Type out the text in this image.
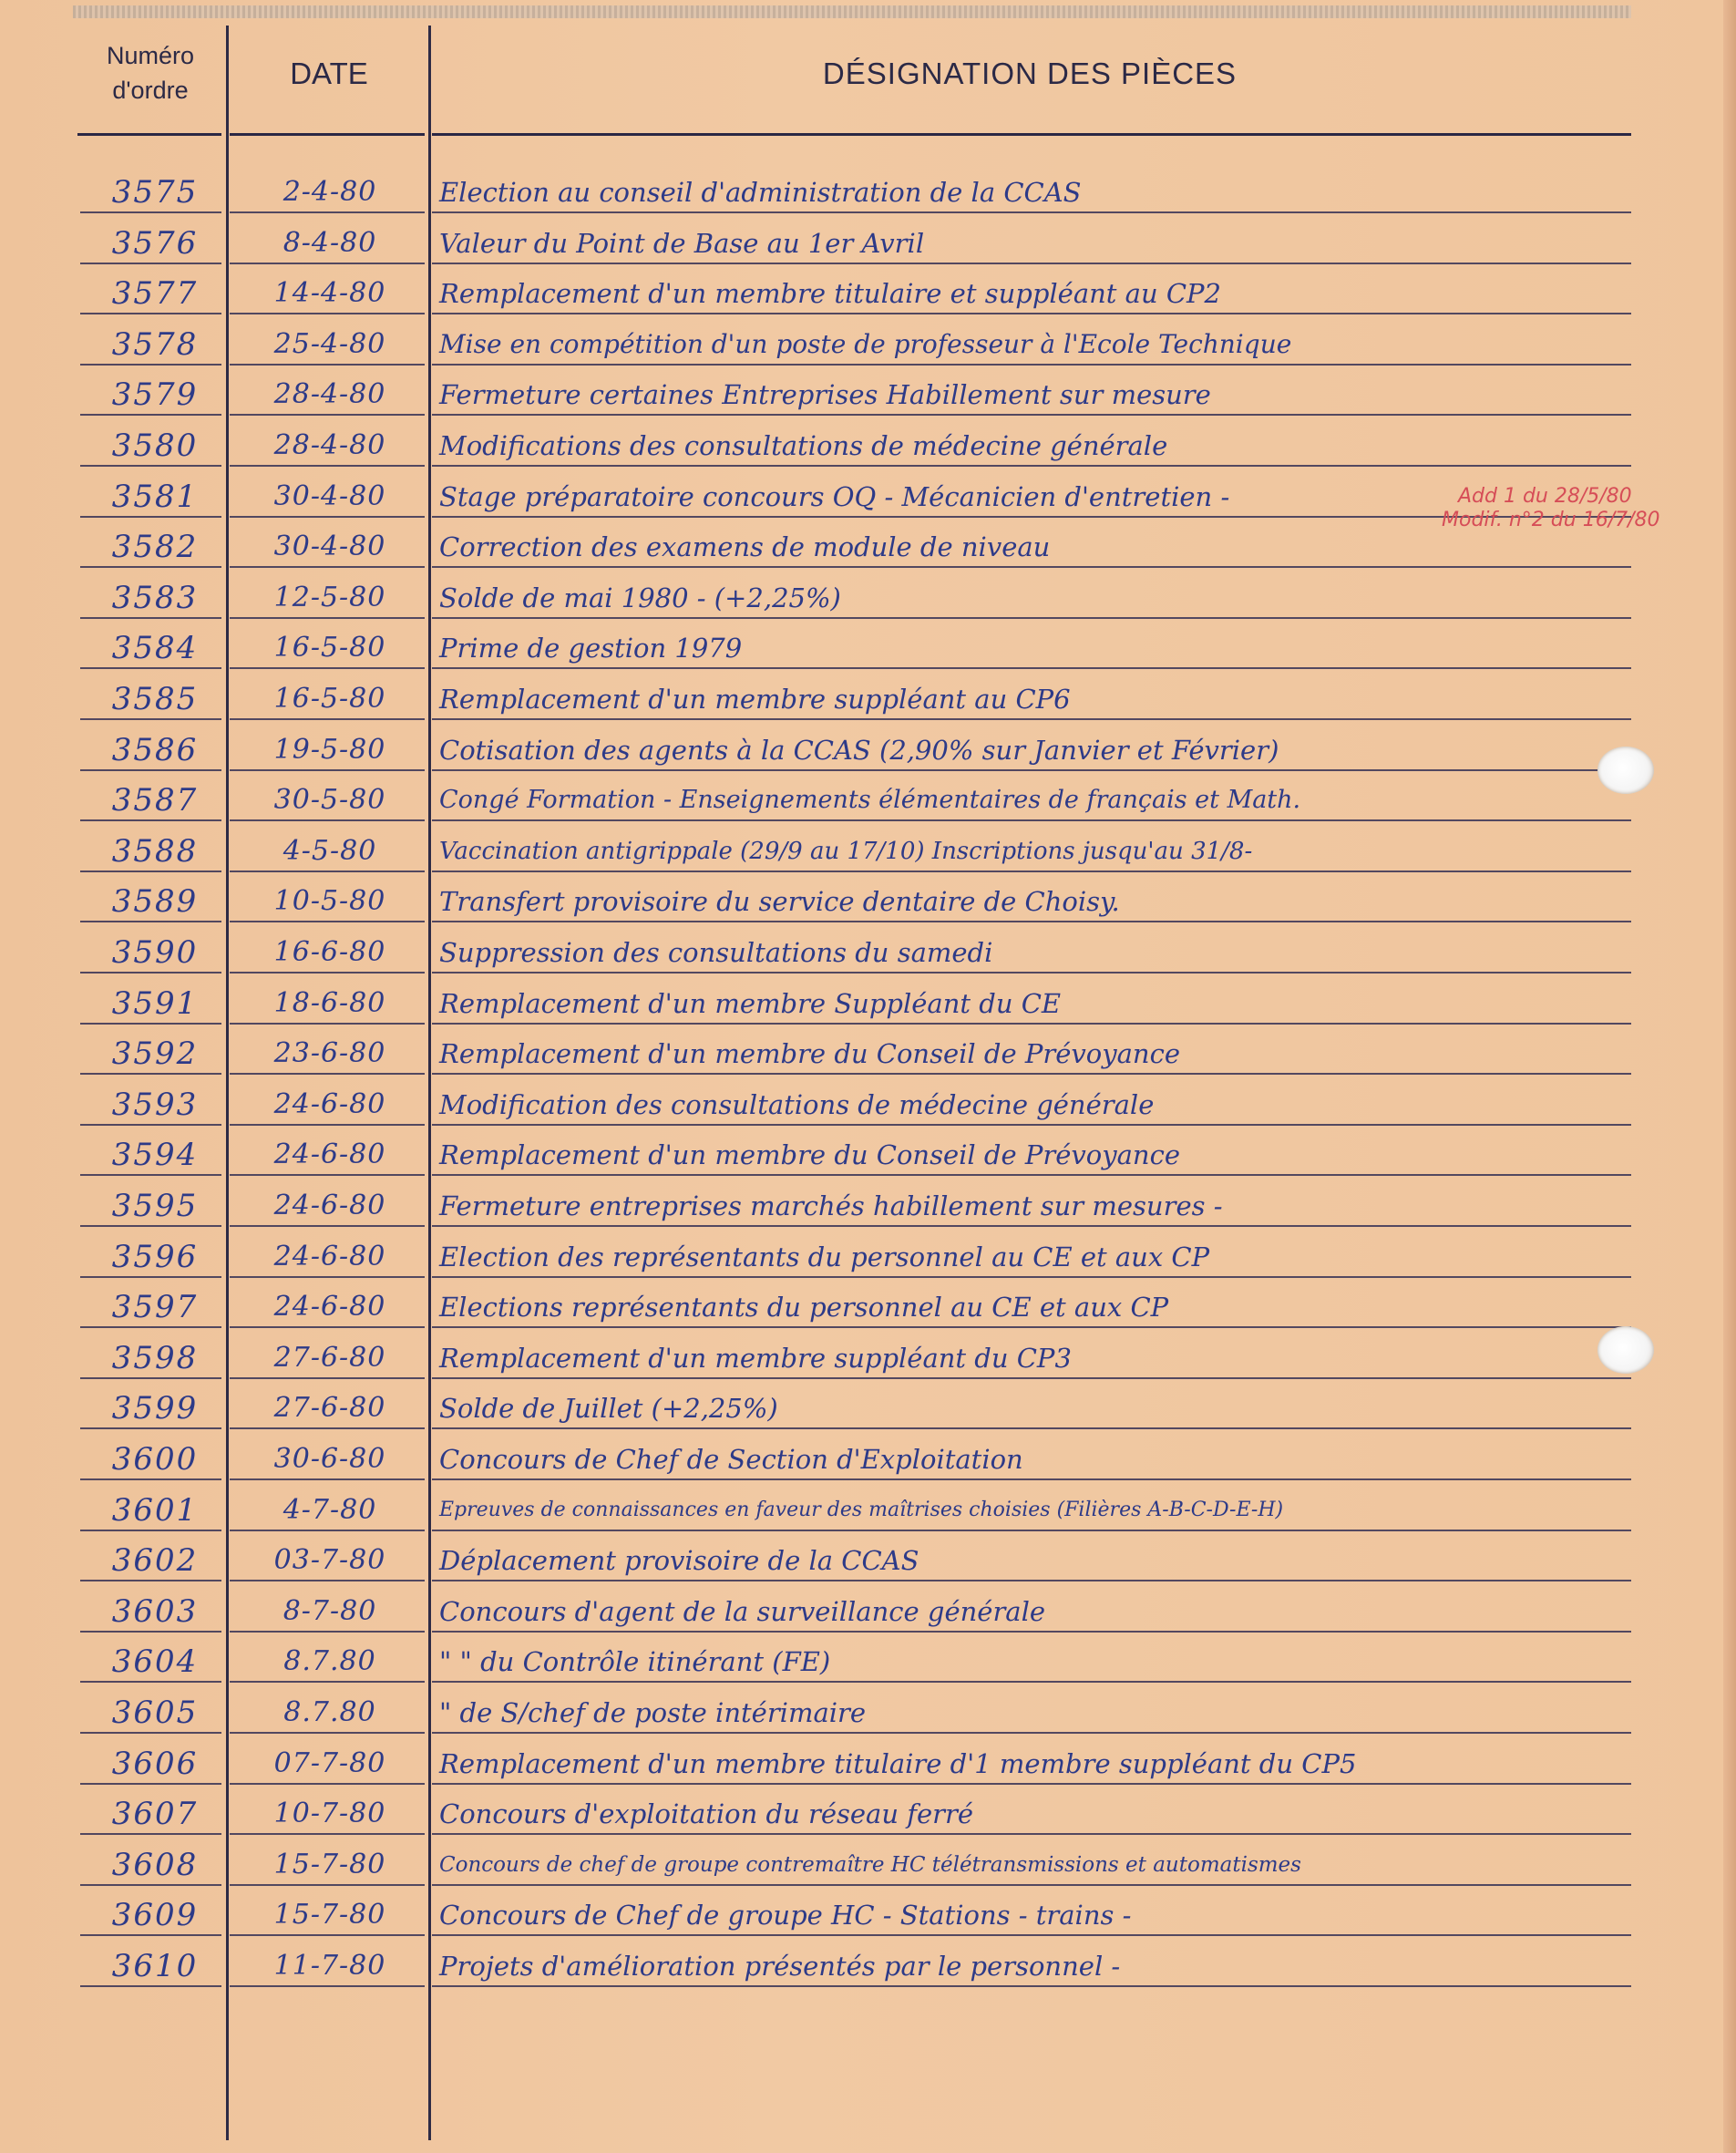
Numéro d'ordre	DATE	DÉSIGNATION DES PIÈCES
3575	2-4-80	Election au conseil d'administration de la CCAS
3576	8-4-80	Valeur du Point de Base au 1er Avril
3577	14-4-80	Remplacement d'un membre titulaire et suppléant au CP2
3578	25-4-80	Mise en compétition d'un poste de professeur à l'Ecole Technique
3579	28-4-80	Fermeture certaines Entreprises Habillement sur mesure
3580	28-4-80	Modifications des consultations de médecine générale
3581	30-4-80	Stage préparatoire concours OQ - Mécanicien d'entretien -
3582	30-4-80	Correction des examens de module de niveau
3583	12-5-80	Solde de mai 1980 - (+2,25%)
3584	16-5-80	Prime de gestion 1979
3585	16-5-80	Remplacement d'un membre suppléant au CP6
3586	19-5-80	Cotisation des agents à la CCAS (2,90% sur Janvier et Février)
3587	30-5-80	Congé Formation - Enseignements élémentaires de français et Math.
3588	4-5-80	Vaccination antigrippale (29/9 au 17/10) Inscriptions jusqu'au 31/8-
3589	10-5-80	Transfert provisoire du service dentaire de Choisy.
3590	16-6-80	Suppression des consultations du samedi
3591	18-6-80	Remplacement d'un membre Suppléant du CE
3592	23-6-80	Remplacement d'un membre du Conseil de Prévoyance
3593	24-6-80	Modification des consultations de médecine générale
3594	24-6-80	Remplacement d'un membre du Conseil de Prévoyance
3595	24-6-80	Fermeture entreprises marchés habillement sur mesures -
3596	24-6-80	Election des représentants du personnel au CE et aux CP
3597	24-6-80	Elections représentants du personnel au CE et aux CP
3598	27-6-80	Remplacement d'un membre suppléant du CP3
3599	27-6-80	Solde de Juillet (+2,25%)
3600	30-6-80	Concours de Chef de Section d'Exploitation
3601	4-7-80	Epreuves de connaissances en faveur des maîtrises choisies (Filières A-B-C-D-E-H)
3602	03-7-80	Déplacement provisoire de la CCAS
3603	8-7-80	Concours d'agent de la surveillance générale
3604	8.7.80	" " du Contrôle itinérant (FE)
3605	8.7.80	" de S/chef de poste intérimaire
3606	07-7-80	Remplacement d'un membre titulaire d'1 membre suppléant du CP5
3607	10-7-80	Concours d'exploitation du réseau ferré
3608	15-7-80	Concours de chef de groupe contremaître HC télétransmissions et automatismes
3609	15-7-80	Concours de Chef de groupe HC - Stations - trains -
3610	11-7-80	Projets d'amélioration présentés par le personnel -
Add 1 du 28/5/80
Modif. n°2 du 16/7/80
